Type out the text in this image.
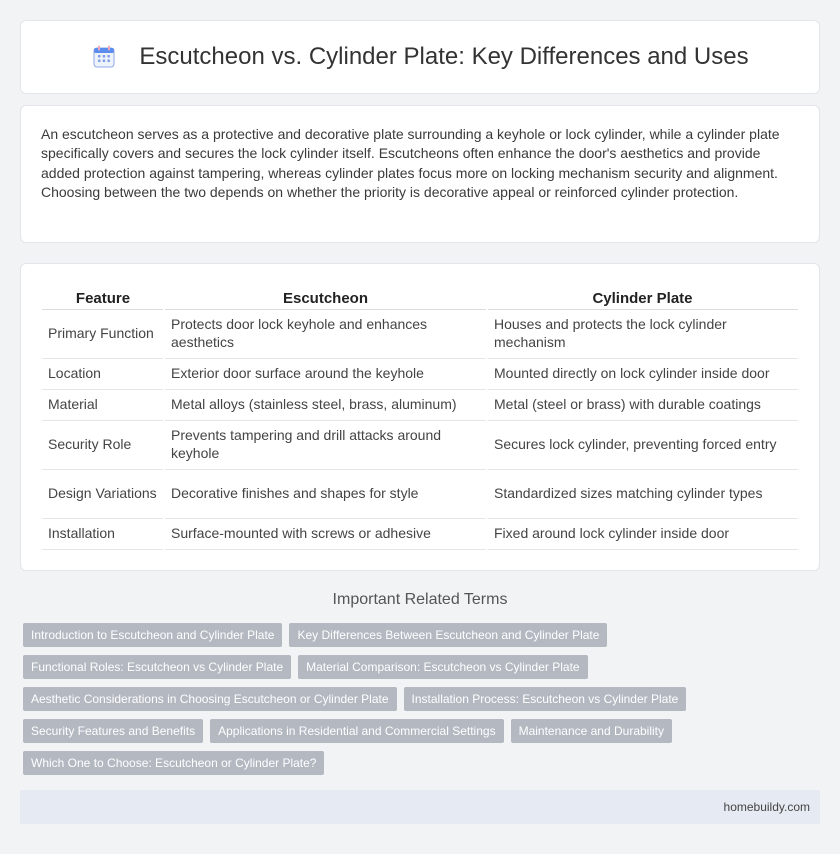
Escutcheon vs. Cylinder Plate: Key Differences and Uses

An escutcheon serves as a protective and decorative plate surrounding a keyhole or lock cylinder, while a cylinder plate specifically covers and secures the lock cylinder itself. Escutcheons often enhance the door's aesthetics and provide added protection against tampering, whereas cylinder plates focus more on locking mechanism security and alignment. Choosing between the two depends on whether the priority is decorative appeal or reinforced cylinder protection.

Feature	Escutcheon	Cylinder Plate
Primary Function	Protects door lock keyhole and enhances aesthetics	Houses and protects the lock cylinder mechanism
Location	Exterior door surface around the keyhole	Mounted directly on lock cylinder inside door
Material	Metal alloys (stainless steel, brass, aluminum)	Metal (steel or brass) with durable coatings
Security Role	Prevents tampering and drill attacks around keyhole	Secures lock cylinder, preventing forced entry
Design Variations	Decorative finishes and shapes for style	Standardized sizes matching cylinder types
Installation	Surface-mounted with screws or adhesive	Fixed around lock cylinder inside door
Important Related Terms
Introduction to Escutcheon and Cylinder Plate	Key Differences Between Escutcheon and Cylinder Plate
Functional Roles: Escutcheon vs Cylinder Plate	Material Comparison: Escutcheon vs Cylinder Plate
Aesthetic Considerations in Choosing Escutcheon or Cylinder Plate	Installation Process: Escutcheon vs Cylinder Plate
Security Features and Benefits	Applications in Residential and Commercial Settings	Maintenance and Durability
Which One to Choose: Escutcheon or Cylinder Plate?
homebuildy.com
